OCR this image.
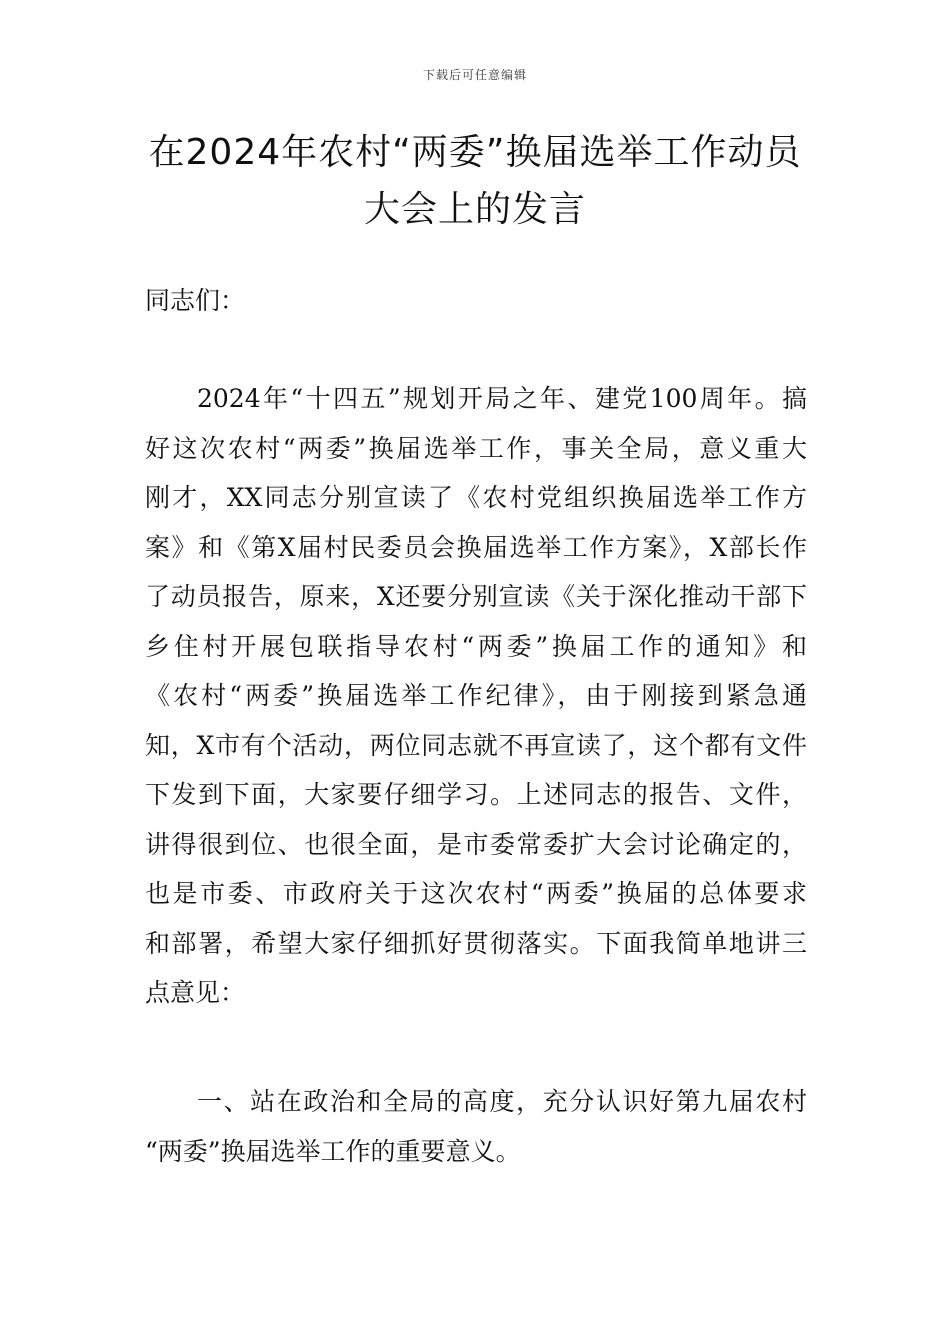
下载后可任意编辑
在2024年农村“两委”换届选举工作动员
大会上的发言
同志们：
2024年“十四五”规划开局之年、建党100周年。搞
好这次农村“两委”换届选举工作，事关全局，意义重大
刚才，XX同志分别宣读了《农村党组织换届选举工作方
案》和《第X届村民委员会换届选举工作方案》，X部长作
了动员报告，原来，X还要分别宣读《关于深化推动干部下
乡住村开展包联指导农村“两委”换届工作的通知》和
《农村“两委”换届选举工作纪律》，由于刚接到紧急通
知，X市有个活动，两位同志就不再宣读了，这个都有文件
下发到下面，大家要仔细学习。上述同志的报告、文件，
讲得很到位、也很全面，是市委常委扩大会讨论确定的，
也是市委、市政府关于这次农村“两委”换届的总体要求
和部署，希望大家仔细抓好贯彻落实。下面我简单地讲三
点意见：
一、站在政治和全局的高度，充分认识好第九届农村
“两委”换届选举工作的重要意义。
